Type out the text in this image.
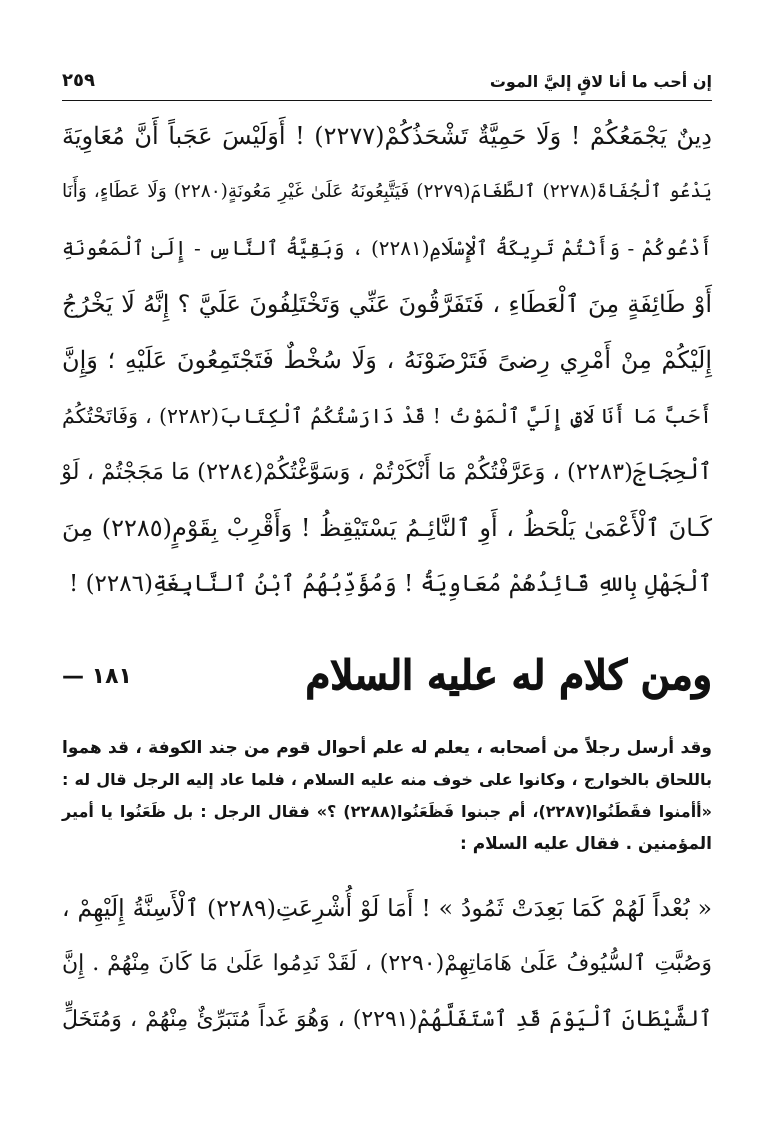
إن أحب ما أنا لاقٍ إليَّ الموت
٢٥٩
دِينٌ يَجْمَعُكُمْ ! وَلَا حَمِيَّةٌ تَشْحَذُكُمْ(٢٢٧٧) ! أَوَلَيْسَ عَجَباً أَنَّ مُعَاوِيَةَ
يَدْعُو ٱلْجُفَاةَ(٢٢٧٨) ٱلطَّغَامَ(٢٢٧٩) فَيَتَّبِعُونَهُ عَلَىٰ غَيْرِ مَعُونَةٍ(٢٢٨٠) وَلَا عَطَاءٍ، وَأَنَا
أَدْعُوكُمْ - وَأَنْتُمْ تَرِيكَةُ ٱلْإِسْلَامِ(٢٢٨١) ، وَبَقِيَّةُ ٱلنَّاسِ - إِلَىٰ ٱلْمَعُونَةِ
أَوْ طَائِفَةٍ مِنَ ٱلْعَطَاءِ ، فَتَفَرَّقُونَ عَنِّي وَتَخْتَلِفُونَ عَلَيَّ ؟ إِنَّهُ لَا يَخْرُجُ
إِلَيْكُمْ مِنْ أَمْرِي رِضىً فَتَرْضَوْنَهُ ، وَلَا سُخْطٌ فَتَجْتَمِعُونَ عَلَيْهِ ؛ وَإِنَّ
أَحَبَّ مَا أَنَا لَاقٍ إِلَيَّ ٱلْمَوْتُ ! قَدْ دَارَسْتُكُمُ ٱلْكِتَابَ(٢٢٨٢) ، وَفَاتَحْتُكُمُ
ٱلْحِجَاجَ(٢٢٨٣) ، وَعَرَّفْتُكُمْ مَا أَنْكَرْتُمْ ، وَسَوَّغْتُكُمْ(٢٢٨٤) مَا مَجَجْتُمْ ، لَوْ
كَـانَ ٱلْأَعْمَىٰ يَلْحَظُ ، أَوِ ٱلنَّائِـمُ يَسْتَيْقِظُ ! وَأَقْرِبْ بِقَوْمٍ(٢٢٨٥) مِنَ
ٱلْجَهْلِ بِاللهِ قَائِدُهُمْ مُعَاوِيَةُ ! وَمُؤَدِّبُهُمُ ٱبْنُ ٱلنَّابِغَةِ(٢٢٨٦) !
ومن كلام له عليه السلام
١٨١ —
وقد أرسل رجلاً من أصحابه ، يعلم له علم أحوال قوم من جند الكوفة ، قد هموا
باللحاق بالخوارج ، وكانوا على خوف منه عليه السلام ، فلما عاد إليه الرجل قال له :
«أأمنوا فقَطَنُوا(٢٢٨٧)، أم جبنوا فَظَعَنُوا(٢٢٨٨) ؟» فقال الرجل : بل ظَعَنُوا يا أمير
المؤمنين . فقال عليه السلام :
« بُعْداً لَهُمْ كَمَا بَعِدَتْ ثَمُودُ » ! أَمَا لَوْ أُشْرِعَتِ(٢٢٨٩) ٱلْأَسِنَّةُ إِلَيْهِمْ ،
وَصُبَّتِ ٱلسُّيُوفُ عَلَىٰ هَامَاتِهِمْ(٢٢٩٠) ، لَقَدْ نَدِمُوا عَلَىٰ مَا كَانَ مِنْهُمْ . إِنَّ
ٱلشَّيْطَانَ ٱلْيَوْمَ قَدِ ٱسْتَفَلَّهُمْ(٢٢٩١) ، وَهُوَ غَداً مُتَبَرِّئٌ مِنْهُمْ ، وَمُتَخَلٍّ
